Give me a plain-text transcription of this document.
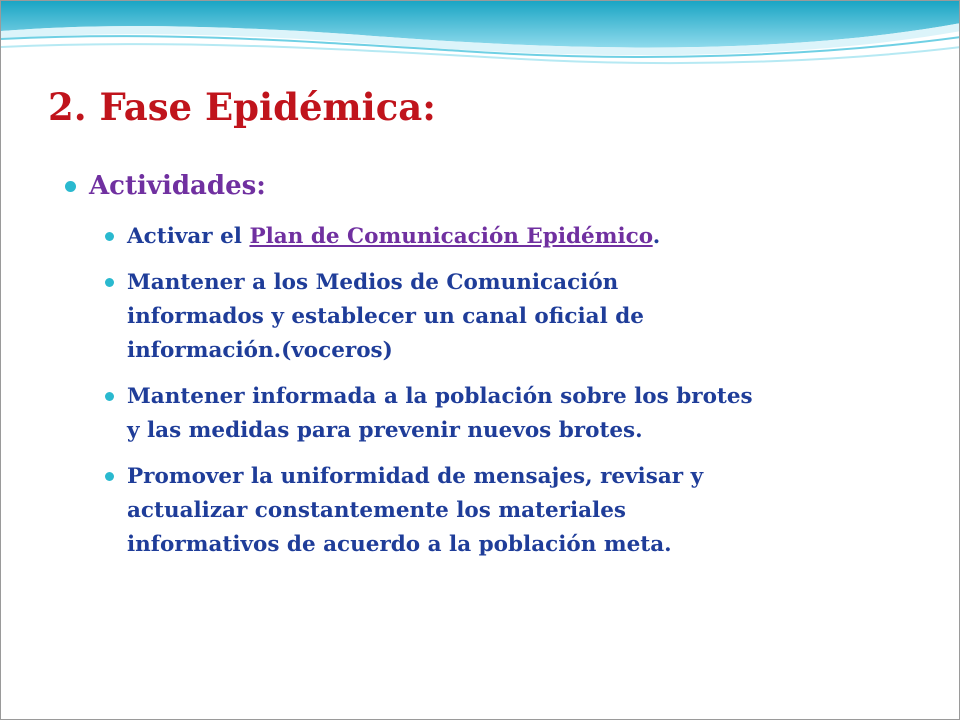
2. Fase Epidémica:
Actividades:
Activar el Plan de Comunicación Epidémico.
Mantener a los Medios de Comunicación
informados y establecer un canal oficial de
información.(voceros)
Mantener informada a la población sobre los brotes
y las medidas para prevenir nuevos brotes.
Promover la uniformidad de mensajes, revisar y
actualizar constantemente los materiales
informativos de acuerdo a la población meta.
